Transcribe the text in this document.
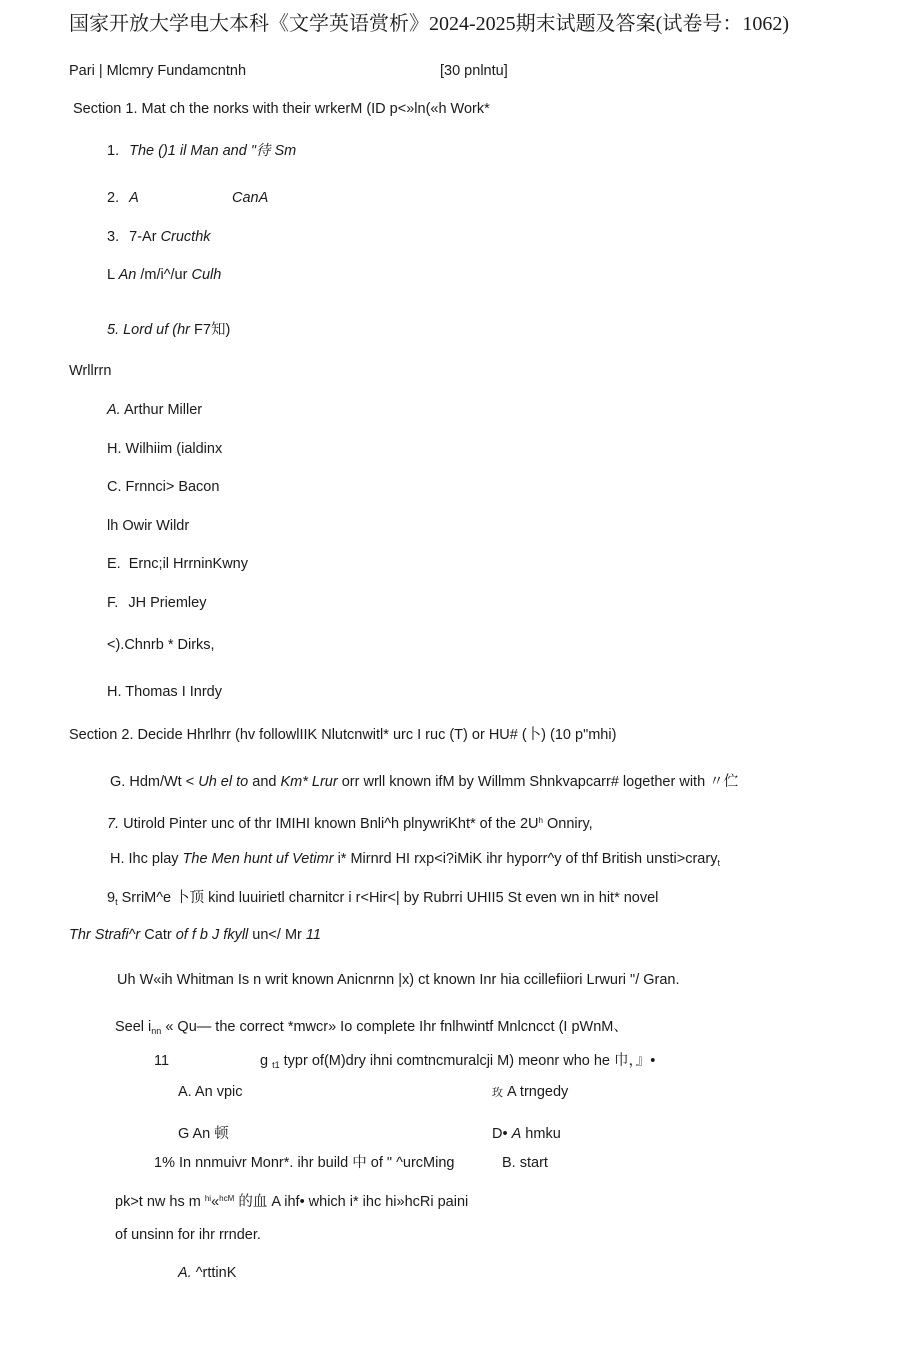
国家开放大学电大本科《文学英语赏析》2024-2025期末试题及答案(试卷号：1062)
Pari | Mlcmry Fundamcntnh	[30 pnlntu]
Section 1. Mat ch the norks with their wrkerM (ID p<»ln(«h Work*
1. The ()1 il Man and "待 Sm
2. A	CanA
3. 7-Ar Cructhk
L An /m/i^/ur Culh
5. Lord uf (hr F7知)
Wrllrrn
A. Arthur Miller
H. Wilhiim (ialdinx
C. Frnnci> Bacon
lh Owir Wildr
E. Ernc;il HrrninKwny
F. JH Priemley
<).Chnrb * Dirks,
H. Thomas I Inrdy
Section 2. Decide Hhrlhrr (hv followlIIK Nlutcnwitl* urc I ruc (T) or HU# (卜) (10 p"mhi)
G. Hdm/Wt < Uh el to and Km* Lrur orr wrll known ifM by Willmm Shnkvapcarr# logether with 〃伫
7. Utirold Pinter unc of thr IMIHI known Bnli^h plnywriKht* of the $2U^h$ Onniry,
H. Ihc play The Men hunt uf Vetimr i* Mirnrd HI rxp<i?iMiK ihr hyporr^y of thf British unsti>crary$_t$
$9_t$ SrriM^e 卜顶 kind luuirietl charnitcr i r<Hir<| by Rubrri UHII5 St even wn in hit* novel
Thr Strafi^r Catr of f b J fkyll un</ Mr 11
Uh W«ih Whitman Is n writ known Anicnrnn |x) ct known Inr hia ccillefiiori Lrwuri "/ Gran.
Seel $i_{nn}$ « Qu— the correct *mwcr» Io complete Ihr fnlhwintf Mnlcncct (I pWnM、
11	g $_{t1}$ typr of(M)dry ihni comtncmuralcji M) meonr who he 巾，』•
A. An vpic	玫 A trngedy
G An 顿	D• A hmku
1% In nnmuivr Monr*. ihr build 中 of " ^urcMing	B. start
pk>t nw hs m $^{hi}$«$^{hcM}$ 的血 A ihf• which i* ihc hi»hcRi paini
of unsinn for ihr rrnder.
A. ^rttinK
